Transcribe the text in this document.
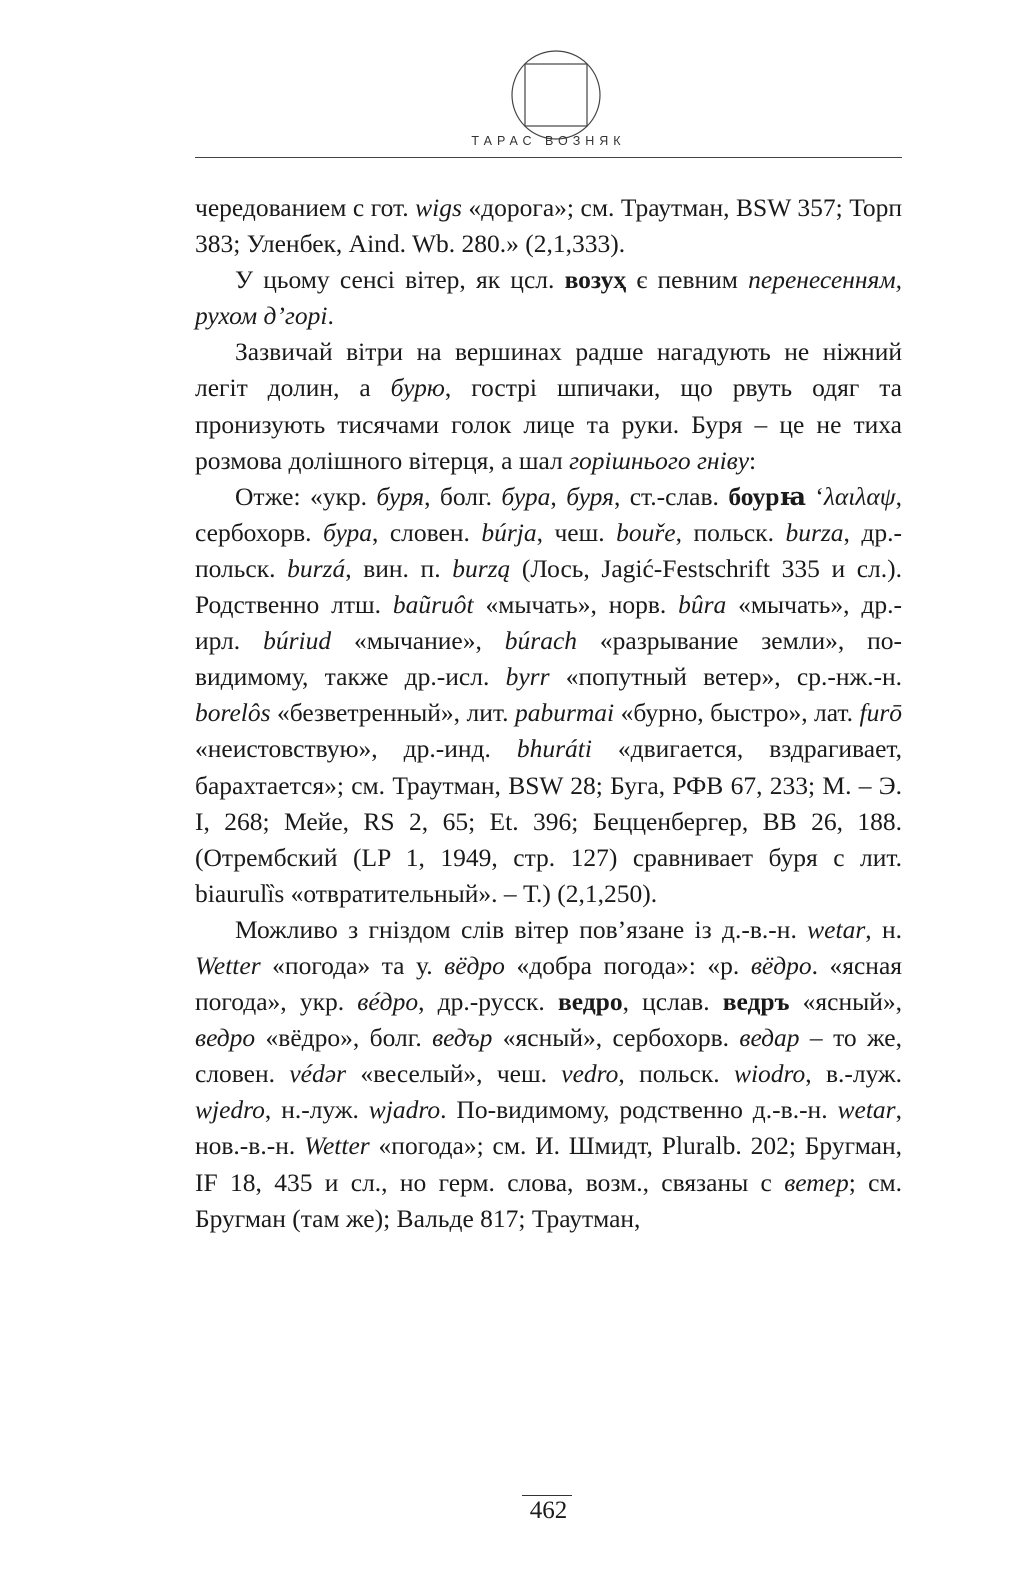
ТАРАС ВОЗНЯК

чередованием с гот. wigs «дорога»; см. Траутман, BSW 357; Торп 383; Уленбек, Aind. Wb. 280.» (2,1,333).

У цьому сенсі вітер, як цсл. возуҳ є певним перенесенням, рухом д’горі.

Зазвичай вітри на вершинах радше нагадують не ніжний легіт долин, а бурю, гострі шпичаки, що рвуть одяг та пронизують тисячами голок лице та руки. Буря – це не тиха розмова долішного вітерця, а шал горішнього гніву:

Отже: «укр. буря, болг. бура, буря, ст.-слав. боурꙗ ‘λαιλαψ, сербохорв. бура, словен. búrja, чеш. bouře, польск. burza, др.-польск. burzá, вин. п. burzą (Лось, Jagić-Festschrift 335 и сл.). Родственно лтш. baũruôt «мычать», норв. bûra «мычать», др.-ирл. búriud «мычание», búrach «разрывание земли», по-видимому, также др.-исл. byrr «попутный ветер», ср.-нж.-н. borelôs «безветренный», лит. paburmai «бурно, быстро», лат. furō «неистовствую», др.-инд. bhuráti «двигается, вздрагивает, барахтается»; см. Траутман, BSW 28; Буга, РФВ 67, 233; М. – Э. I, 268; Мейе, RS 2, 65; Et. 396; Бецценбергер, BB 26, 188. (Отрембский (LP 1, 1949, стр. 127) сравнивает буря с лит. biaurulȉs «отвратительный». – Т.) (2,1,250).

Можливо з гніздом слів вітер пов’язане із д.-в.-н. wetar, н. Wetter «погода» та у. вёдро «добра погода»: «р. вёдро. «ясная погода», укр. вéдро, др.-русск. ведро, цслав. ведръ «ясный», ведро «вёдро», болг. ведър «ясный», сербохорв. ведар – то же, словен. védər «веселый», чеш. vedro, польск. wiodro, в.-луж. wjedro, н.-луж. wjadro. По-видимому, родственно д.-в.-н. wetar, нов.-в.-н. Wetter «погода»; см. И. Шмидт, Pluralb. 202; Бругман, IF 18, 435 и сл., но герм. слова, возм., связаны с ветер; см. Бругман (там же); Вальде 817; Траутман,

462
